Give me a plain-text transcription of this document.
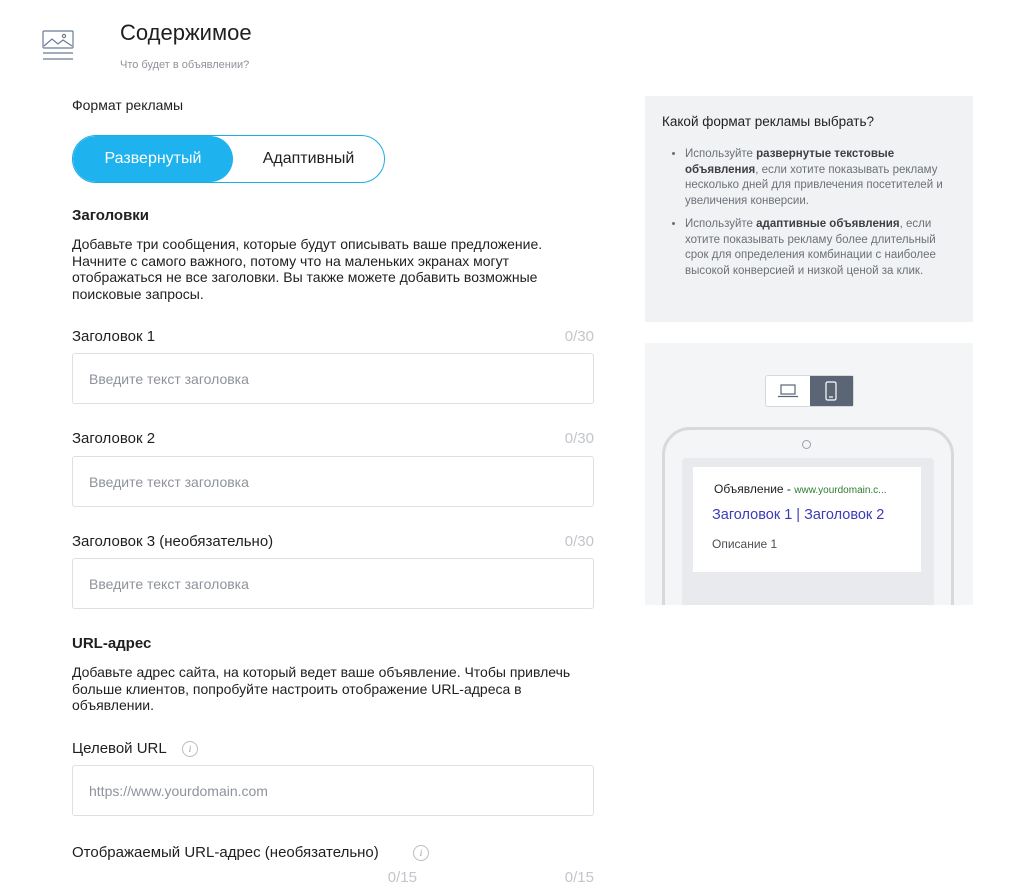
Содержимое
Что будет в объявлении?
Формат рекламы
Развернутый	Адаптивный
Заголовки
Добавьте три сообщения, которые будут описывать ваше предложение. Начните с самого важного, потому что на маленьких экранах могут отображаться не все заголовки. Вы также можете добавить возможные поисковые запросы.
Заголовок 1	0/30
Введите текст заголовка
Заголовок 2	0/30
Введите текст заголовка
Заголовок 3 (необязательно)	0/30
Введите текст заголовка
URL-адрес
Добавьте адрес сайта, на который ведет ваше объявление. Чтобы привлечь больше клиентов, попробуйте настроить отображение URL-адреса в объявлении.
Целевой URL	i
https://www.yourdomain.com
Отображаемый URL-адрес (необязательно)	i
0/15	0/15
Какой формат рекламы выбрать?
• Используйте развернутые текстовые объявления, если хотите показывать рекламу несколько дней для привлечения посетителей и увеличения конверсии.
• Используйте адаптивные объявления, если хотите показывать рекламу более длительный срок для определения комбинации с наиболее высокой конверсией и низкой ценой за клик.
Объявление - www.yourdomain.c...
Заголовок 1 | Заголовок 2
Описание 1
